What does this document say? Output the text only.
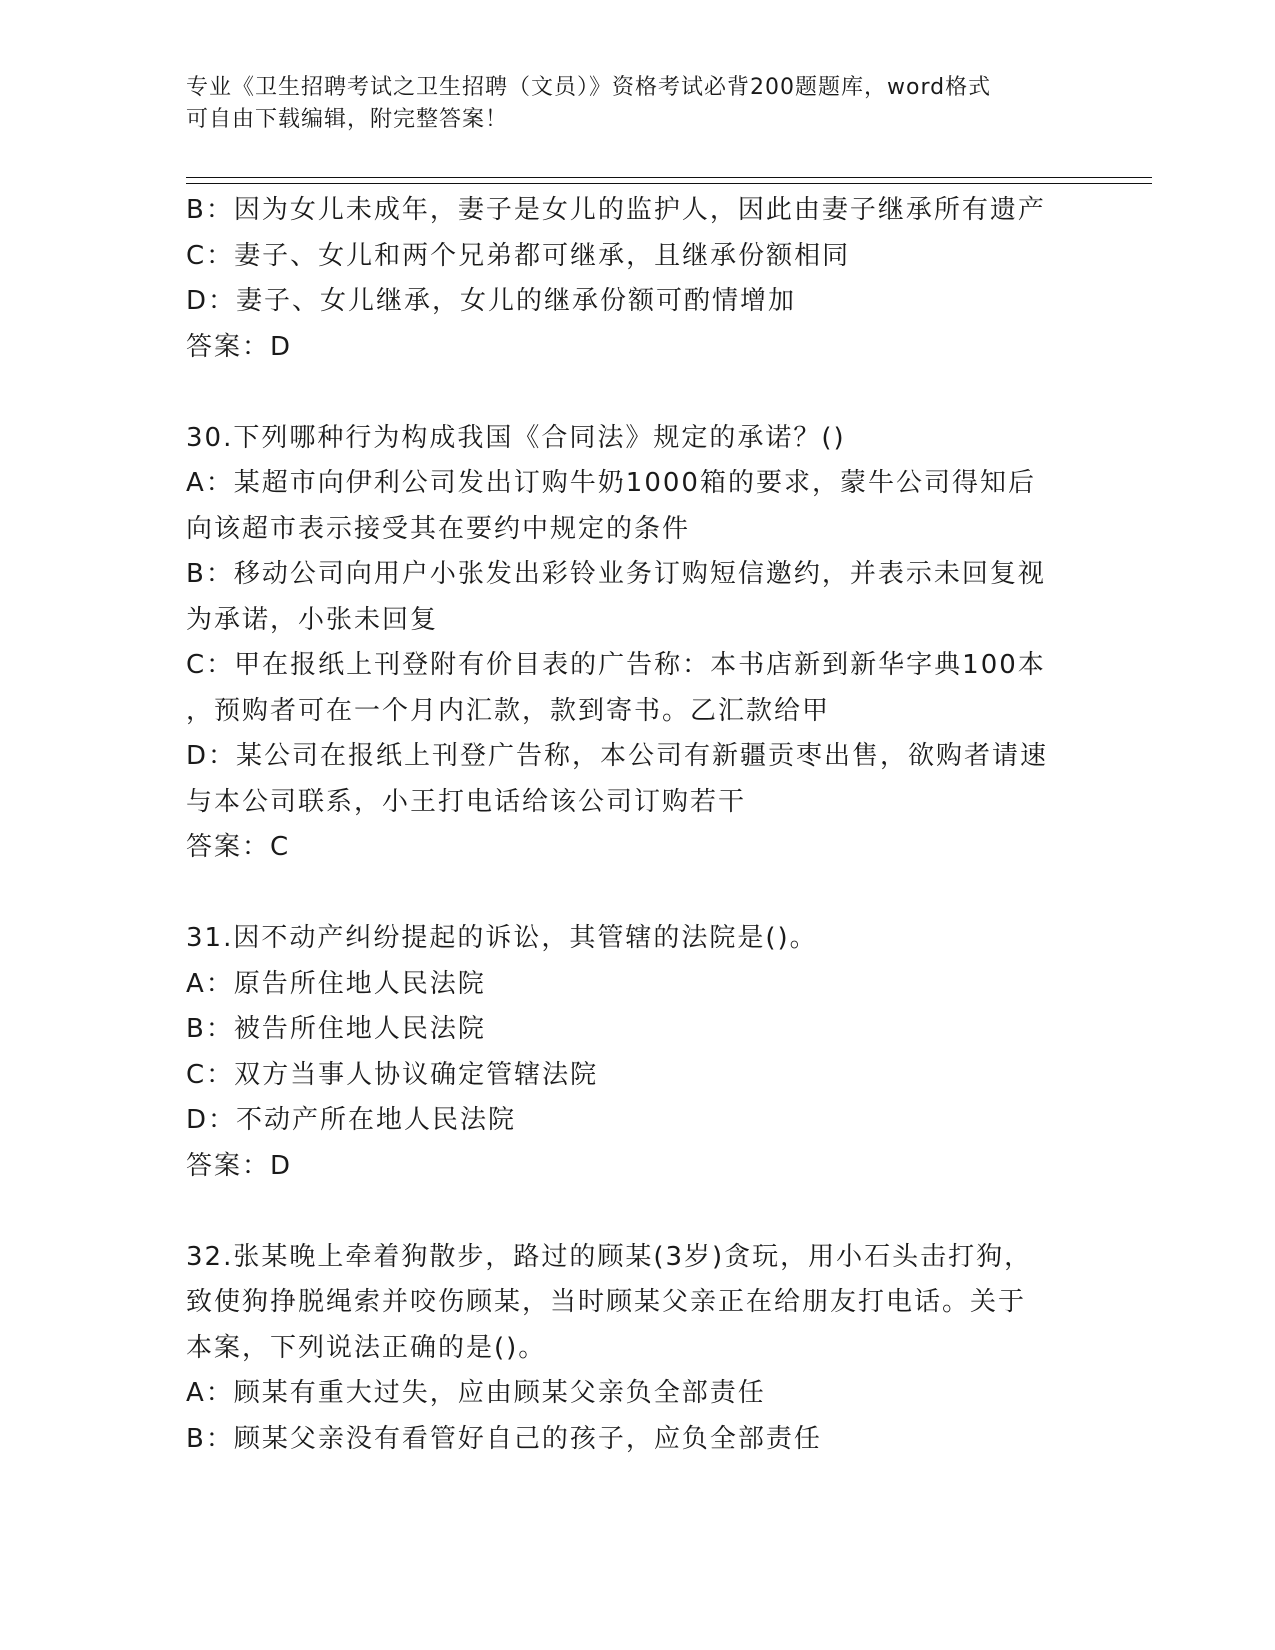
专业《卫生招聘考试之卫生招聘（文员）》资格考试必背200题题库，word格式
可自由下载编辑，附完整答案！
B：因为女儿未成年，妻子是女儿的监护人，因此由妻子继承所有遗产
C：妻子、女儿和两个兄弟都可继承，且继承份额相同
D：妻子、女儿继承，女儿的继承份额可酌情增加
答案：D
30.下列哪种行为构成我国《合同法》规定的承诺？()
A：某超市向伊利公司发出订购牛奶1000箱的要求，蒙牛公司得知后
向该超市表示接受其在要约中规定的条件
B：移动公司向用户小张发出彩铃业务订购短信邀约，并表示未回复视
为承诺，小张未回复
C：甲在报纸上刊登附有价目表的广告称：本书店新到新华字典100本
，预购者可在一个月内汇款，款到寄书。乙汇款给甲
D：某公司在报纸上刊登广告称，本公司有新疆贡枣出售，欲购者请速
与本公司联系，小王打电话给该公司订购若干
答案：C
31.因不动产纠纷提起的诉讼，其管辖的法院是()。
A：原告所住地人民法院
B：被告所住地人民法院
C：双方当事人协议确定管辖法院
D：不动产所在地人民法院
答案：D
32.张某晚上牵着狗散步，路过的顾某(3岁)贪玩，用小石头击打狗，
致使狗挣脱绳索并咬伤顾某，当时顾某父亲正在给朋友打电话。关于
本案，下列说法正确的是()。
A：顾某有重大过失，应由顾某父亲负全部责任
B：顾某父亲没有看管好自己的孩子，应负全部责任
